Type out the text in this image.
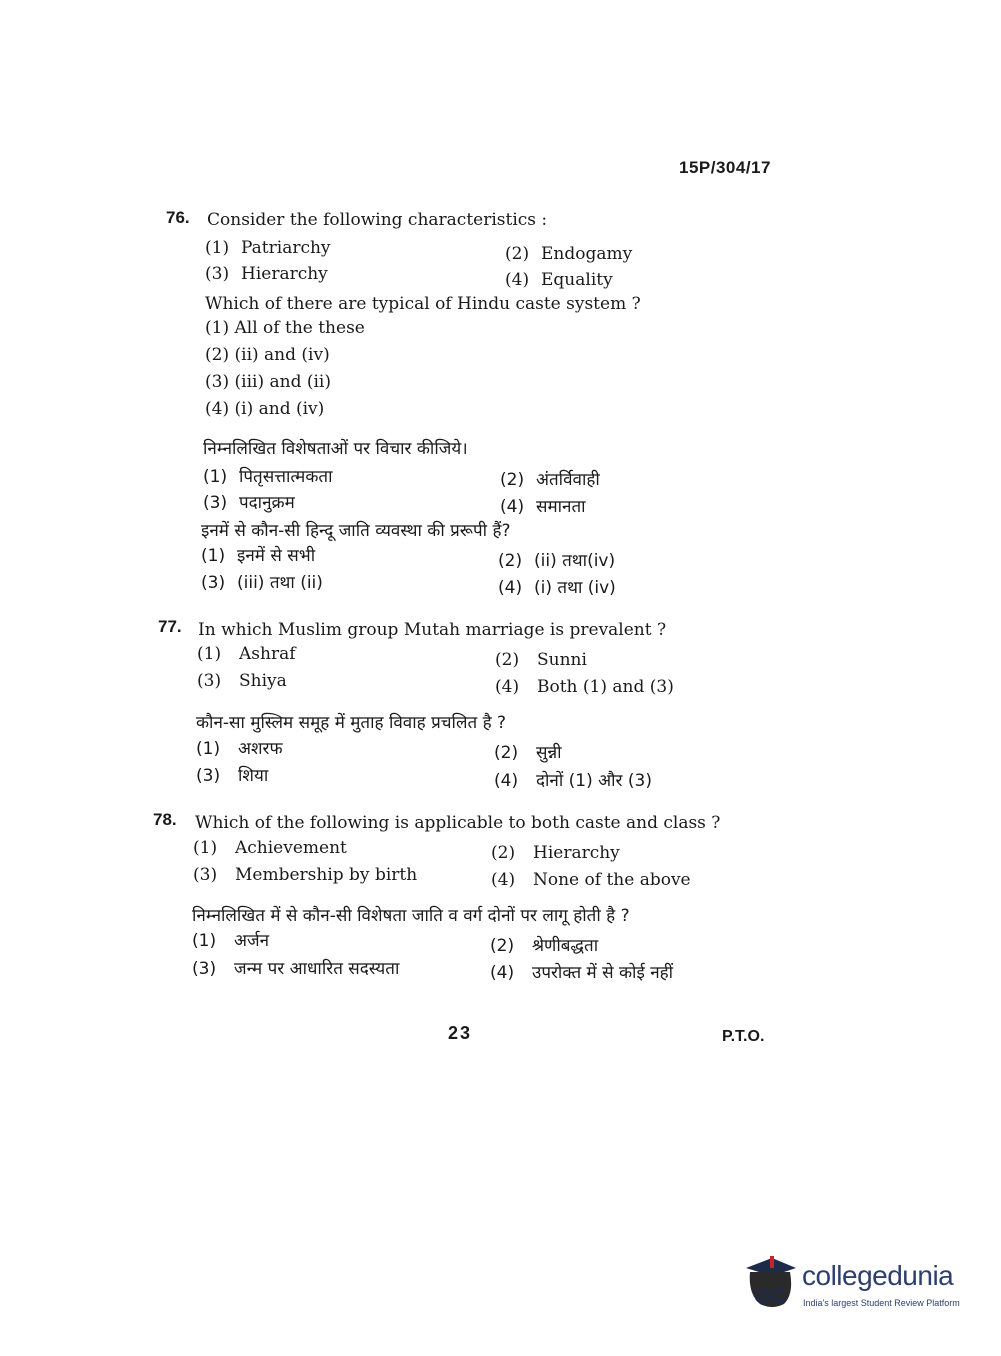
15P/304/17
76. Consider the following characteristics :
(1) Patriarchy	(2) Endogamy
(3) Hierarchy	(4) Equality
Which of there are typical of Hindu caste system ?
(1) All of the these
(2) (ii) and (iv)
(3) (iii) and (ii)
(4) (i) and (iv)
निम्नलिखित विशेषताओं पर विचार कीजिये।
(1) पितृसत्तात्मकता	(2) अंतर्विवाही
(3) पदानुक्रम	(4) समानता
इनमें से कौन-सी हिन्दू जाति व्यवस्था की प्ररूपी हैं?
(1) इनमें से सभी	(2) (ii) तथा(iv)
(3) (iii) तथा (ii)	(4) (i) तथा (iv)
77. In which Muslim group Mutah marriage is prevalent ?
(1) Ashraf	(2) Sunni
(3) Shiya	(4) Both (1) and (3)
कौन-सा मुस्लिम समूह में मुताह विवाह प्रचलित है ?
(1) अशरफ	(2) सुन्नी
(3) शिया	(4) दोनों (1) और (3)
78. Which of the following is applicable to both caste and class ?
(1) Achievement	(2) Hierarchy
(3) Membership by birth	(4) None of the above
निम्नलिखित में से कौन-सी विशेषता जाति व वर्ग दोनों पर लागू होती है ?
(1) अर्जन	(2) श्रेणीबद्धता
(3) जन्म पर आधारित सदस्यता	(4) उपरोक्त में से कोई नहीं
23	P.T.O.
collegedunia
India's largest Student Review Platform
